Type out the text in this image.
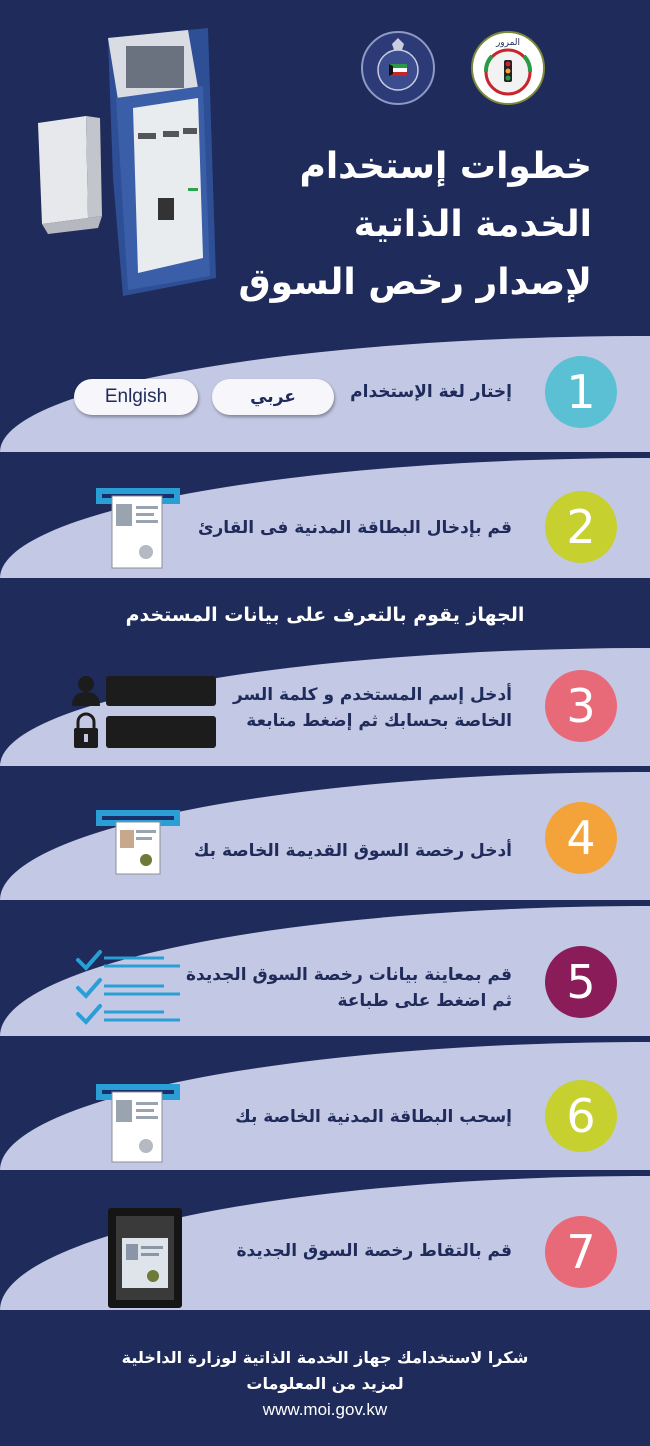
المرور
خطوات إستخدام
الخدمة الذاتية
لإصدار رخص السوق
1
إختار لغة الإستخدام
عربي
Enlgish
2
قم بإدخال البطاقة المدنية فى القارئ
الجهاز يقوم بالتعرف على بيانات المستخدم
3
أدخل إسم المستخدم و كلمة السر
الخاصة بحسابك ثم إضغط متابعة
4
أدخل رخصة السوق القديمة الخاصة بك
5
قم بمعاينة بيانات رخصة السوق الجديدة
ثم اضغط على طباعة
6
إسحب البطاقة المدنية الخاصة بك
7
قم بالتقاط رخصة السوق الجديدة
شكرا لاستخدامك جهاز الخدمة الذاتية لوزارة الداخلية
لمزيد من المعلومات
www.moi.gov.kw
